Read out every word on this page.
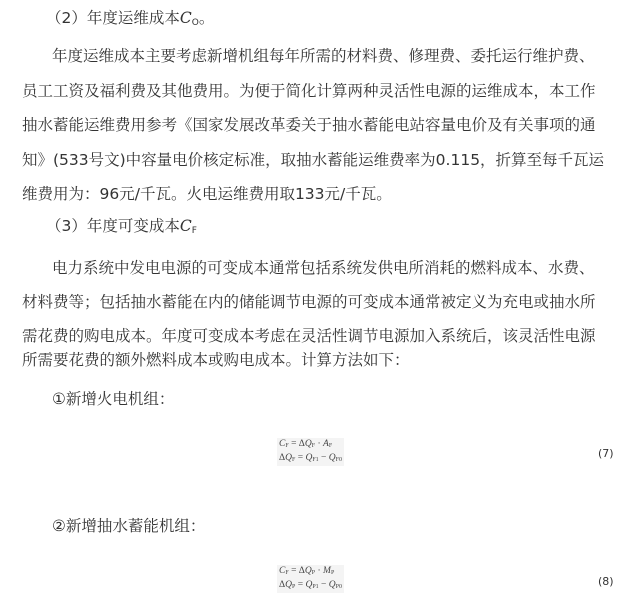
（2）年度运维成本$C_O$。
年度运维成本主要考虑新增机组每年所需的材料费、修理费、委托运行维护费、
员工工资及福利费及其他费用。为便于简化计算两种灵活性电源的运维成本，本工作
抽水蓄能运维费用参考《国家发展改革委关于抽水蓄能电站容量电价及有关事项的通
知》(533号文)中容量电价核定标准，取抽水蓄能运维费率为0.115，折算至每千瓦运
维费用为：96元/千瓦。火电运维费用取133元/千瓦。
（3）年度可变成本$C_F$
电力系统中发电电源的可变成本通常包括系统发供电所消耗的燃料成本、水费、
材料费等；包括抽水蓄能在内的储能调节电源的可变成本通常被定义为充电或抽水所
需花费的购电成本。年度可变成本考虑在灵活性调节电源加入系统后，该灵活性电源
所需要花费的额外燃料成本或购电成本。计算方法如下：
①新增火电机组：
$C_F = \Delta Q_F \cdot A_F$
$\Delta Q_F = Q_{F1} - Q_{F0}$	(7)
②新增抽水蓄能机组：
$C_F = \Delta Q_P \cdot M_P$
$\Delta Q_P = Q_{P1} - Q_{P0}$	(8)
